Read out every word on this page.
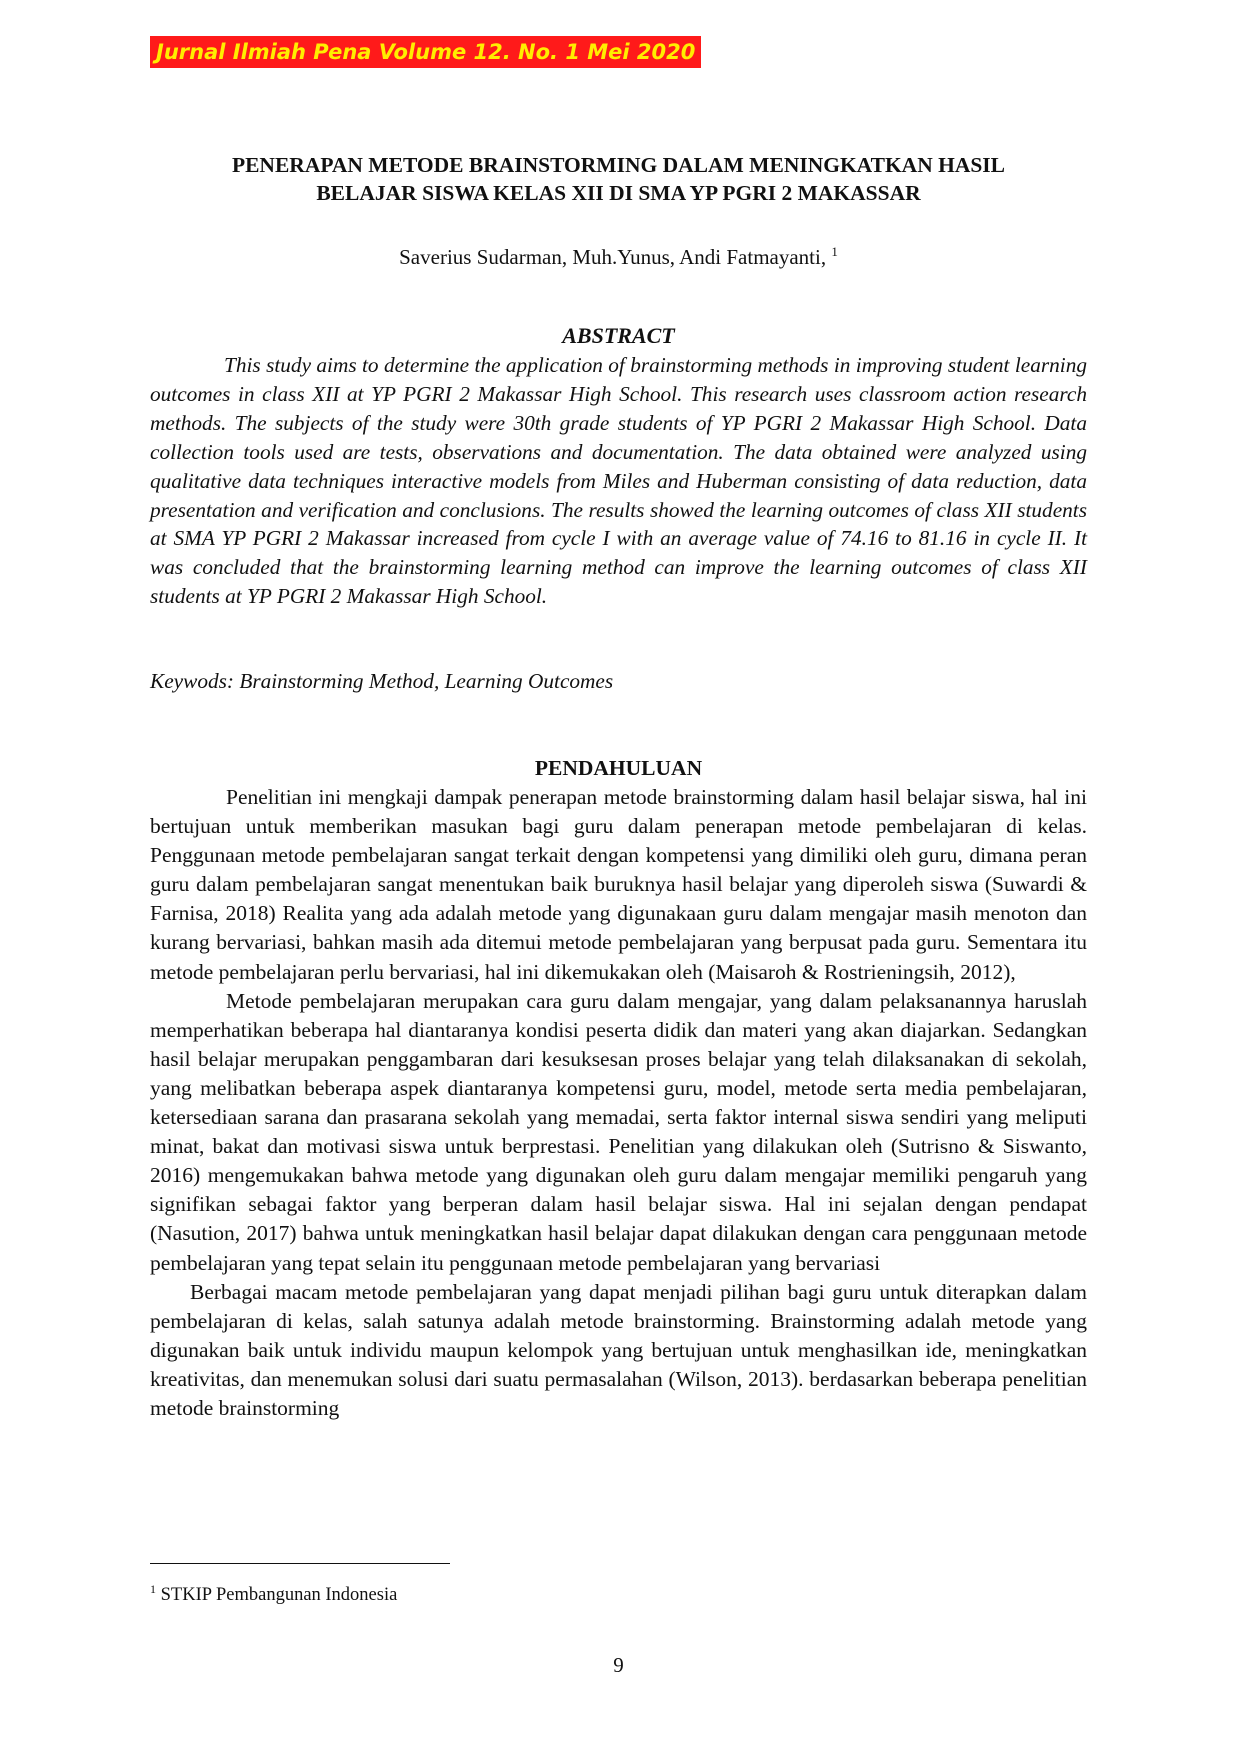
Jurnal Ilmiah Pena Volume 12. No. 1 Mei 2020
PENERAPAN METODE BRAINSTORMING DALAM MENINGKATKAN HASIL
BELAJAR SISWA KELAS XII DI SMA YP PGRI 2 MAKASSAR
Saverius Sudarman, Muh.Yunus, Andi Fatmayanti, $^1$
ABSTRACT

This study aims to determine the application of brainstorming methods in improving student learning outcomes in class XII at YP PGRI 2 Makassar High School. This research uses classroom action research methods. The subjects of the study were 30th grade students of YP PGRI 2 Makassar High School. Data collection tools used are tests, observations and documentation. The data obtained were analyzed using qualitative data techniques interactive models from Miles and Huberman consisting of data reduction, data presentation and verification and conclusions. The results showed the learning outcomes of class XII students at SMA YP PGRI 2 Makassar increased from cycle I with an average value of 74.16 to 81.16 in cycle II. It was concluded that the brainstorming learning method can improve the learning outcomes of class XII students at YP PGRI 2 Makassar High School.

Keywods: Brainstorming Method, Learning Outcomes
PENDAHULUAN

Penelitian ini mengkaji dampak penerapan metode brainstorming dalam hasil belajar siswa, hal ini bertujuan untuk memberikan masukan bagi guru dalam penerapan metode pembelajaran di kelas. Penggunaan metode pembelajaran sangat terkait dengan kompetensi yang dimiliki oleh guru, dimana peran guru dalam pembelajaran sangat menentukan baik buruknya hasil belajar yang diperoleh siswa (Suwardi & Farnisa, 2018) Realita yang ada adalah metode yang digunakaan guru dalam mengajar masih menoton dan kurang bervariasi, bahkan masih ada ditemui metode pembelajaran yang berpusat pada guru. Sementara itu metode pembelajaran perlu bervariasi, hal ini dikemukakan oleh (Maisaroh & Rostrieningsih, 2012),

Metode pembelajaran merupakan cara guru dalam mengajar, yang dalam pelaksanannya haruslah memperhatikan beberapa hal diantaranya kondisi peserta didik dan materi yang akan diajarkan. Sedangkan hasil belajar merupakan penggambaran dari kesuksesan proses belajar yang telah dilaksanakan di sekolah, yang melibatkan beberapa aspek diantaranya kompetensi guru, model, metode serta media pembelajaran, ketersediaan sarana dan prasarana sekolah yang memadai, serta faktor internal siswa sendiri yang meliputi minat, bakat dan motivasi siswa untuk berprestasi. Penelitian yang dilakukan oleh (Sutrisno & Siswanto, 2016) mengemukakan bahwa metode yang digunakan oleh guru dalam mengajar memiliki pengaruh yang signifikan sebagai faktor yang berperan dalam hasil belajar siswa. Hal ini sejalan dengan pendapat (Nasution, 2017) bahwa untuk meningkatkan hasil belajar dapat dilakukan dengan cara penggunaan metode pembelajaran yang tepat selain itu penggunaan metode pembelajaran yang bervariasi

Berbagai macam metode pembelajaran yang dapat menjadi pilihan bagi guru untuk diterapkan dalam pembelajaran di kelas, salah satunya adalah metode brainstorming. Brainstorming adalah metode yang digunakan baik untuk individu maupun kelompok yang bertujuan untuk menghasilkan ide, meningkatkan kreativitas, dan menemukan solusi dari suatu permasalahan (Wilson, 2013). berdasarkan beberapa penelitian metode brainstorming

$^1$ STKIP Pembangunan Indonesia
9
